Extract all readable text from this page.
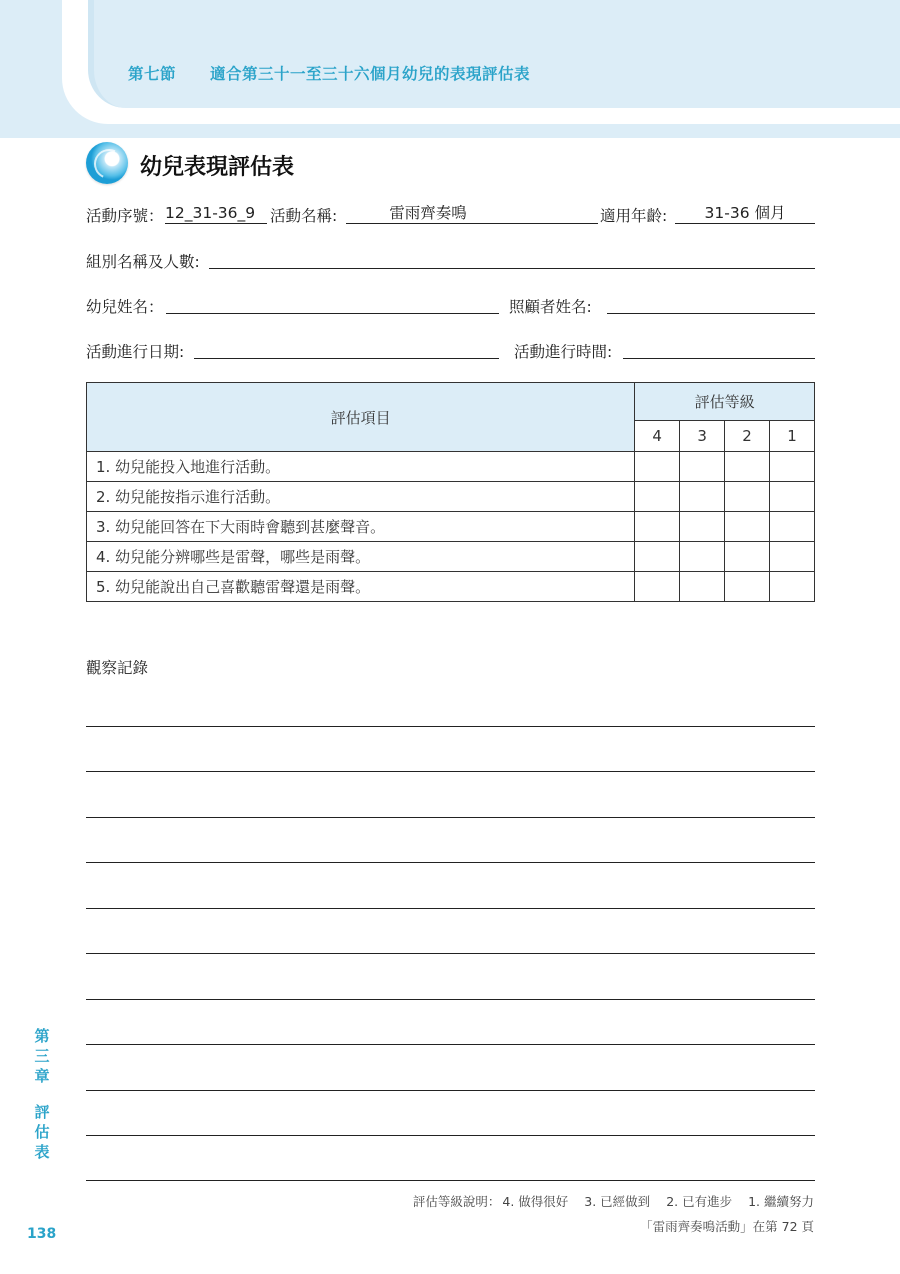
第七節 適合第三十一至三十六個月幼兒的表現評估表
幼兒表現評估表
活動序號： 12_31-36_9 活動名稱:	雷雨齊奏鳴	適用年齡:	31-36 個月
組別名稱及人數:
幼兒姓名：	照顧者姓名:
活動進行日期:	活動進行時間:
評估項目	評估等級			
	4	3	2	1
1. 幼兒能投入地進行活動。				
2. 幼兒能按指示進行活動。				
3. 幼兒能回答在下大雨時會聽到甚麼聲音。				
4. 幼兒能分辨哪些是雷聲，哪些是雨聲。				
5. 幼兒能說出自己喜歡聽雷聲還是雨聲。				
觀察記錄
評估等級說明： 4. 做得很好 3. 已經做到 2. 已有進步 1. 繼續努力
「雷雨齊奏鳴活動」在第 72 頁
第
三
章
評
估
表
138
